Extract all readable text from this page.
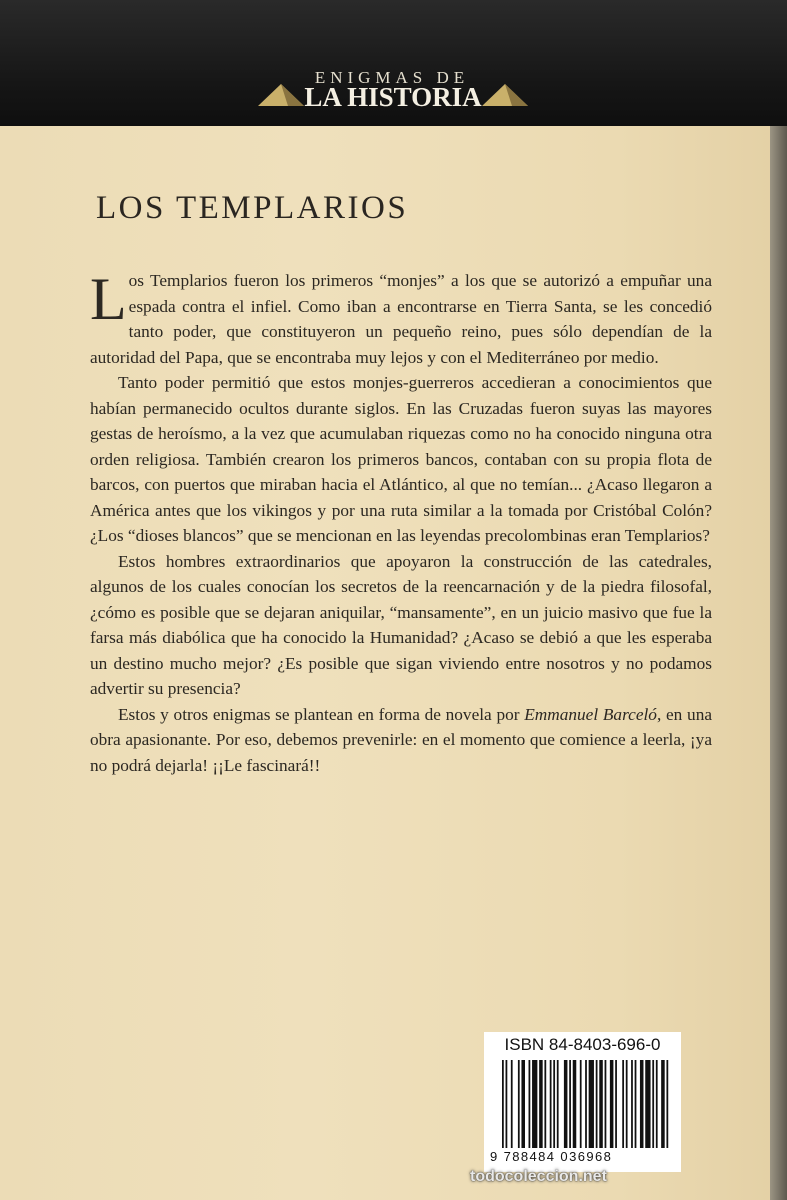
ENIGMAS DE
LA HISTORIA
LOS TEMPLARIOS

Los Templarios fueron los primeros “monjes” a los que se autorizó a empuñar una espada contra el infiel. Como iban a encontrarse en Tierra Santa, se les concedió tanto poder, que constituyeron un pequeño reino, pues sólo dependían de la autoridad del Papa, que se encontraba muy lejos y con el Mediterráneo por medio.

Tanto poder permitió que estos monjes-guerreros accedieran a conocimientos que habían permanecido ocultos durante siglos. En las Cruzadas fueron suyas las mayores gestas de heroísmo, a la vez que acumulaban riquezas como no ha conocido ninguna otra orden religiosa. También crearon los primeros bancos, contaban con su propia flota de barcos, con puertos que miraban hacia el Atlántico, al que no temían... ¿Acaso llegaron a América antes que los vikingos y por una ruta similar a la tomada por Cristóbal Colón? ¿Los “dioses blancos” que se mencionan en las leyendas precolombinas eran Templarios?

Estos hombres extraordinarios que apoyaron la construcción de las catedrales, algunos de los cuales conocían los secretos de la reencarnación y de la piedra filosofal, ¿cómo es posible que se dejaran aniquilar, “mansamente”, en un juicio masivo que fue la farsa más diabólica que ha conocido la Humanidad? ¿Acaso se debió a que les esperaba un destino mucho mejor? ¿Es posible que sigan viviendo entre nosotros y no podamos advertir su presencia?

Estos y otros enigmas se plantean en forma de novela por Emmanuel Barceló, en una obra apasionante. Por eso, debemos prevenirle: en el momento que comience a leerla, ¡ya no podrá dejarla! ¡¡Le fascinará!!

ISBN 84-8403-696-0
9 788484 036968
todocoleccion.net
